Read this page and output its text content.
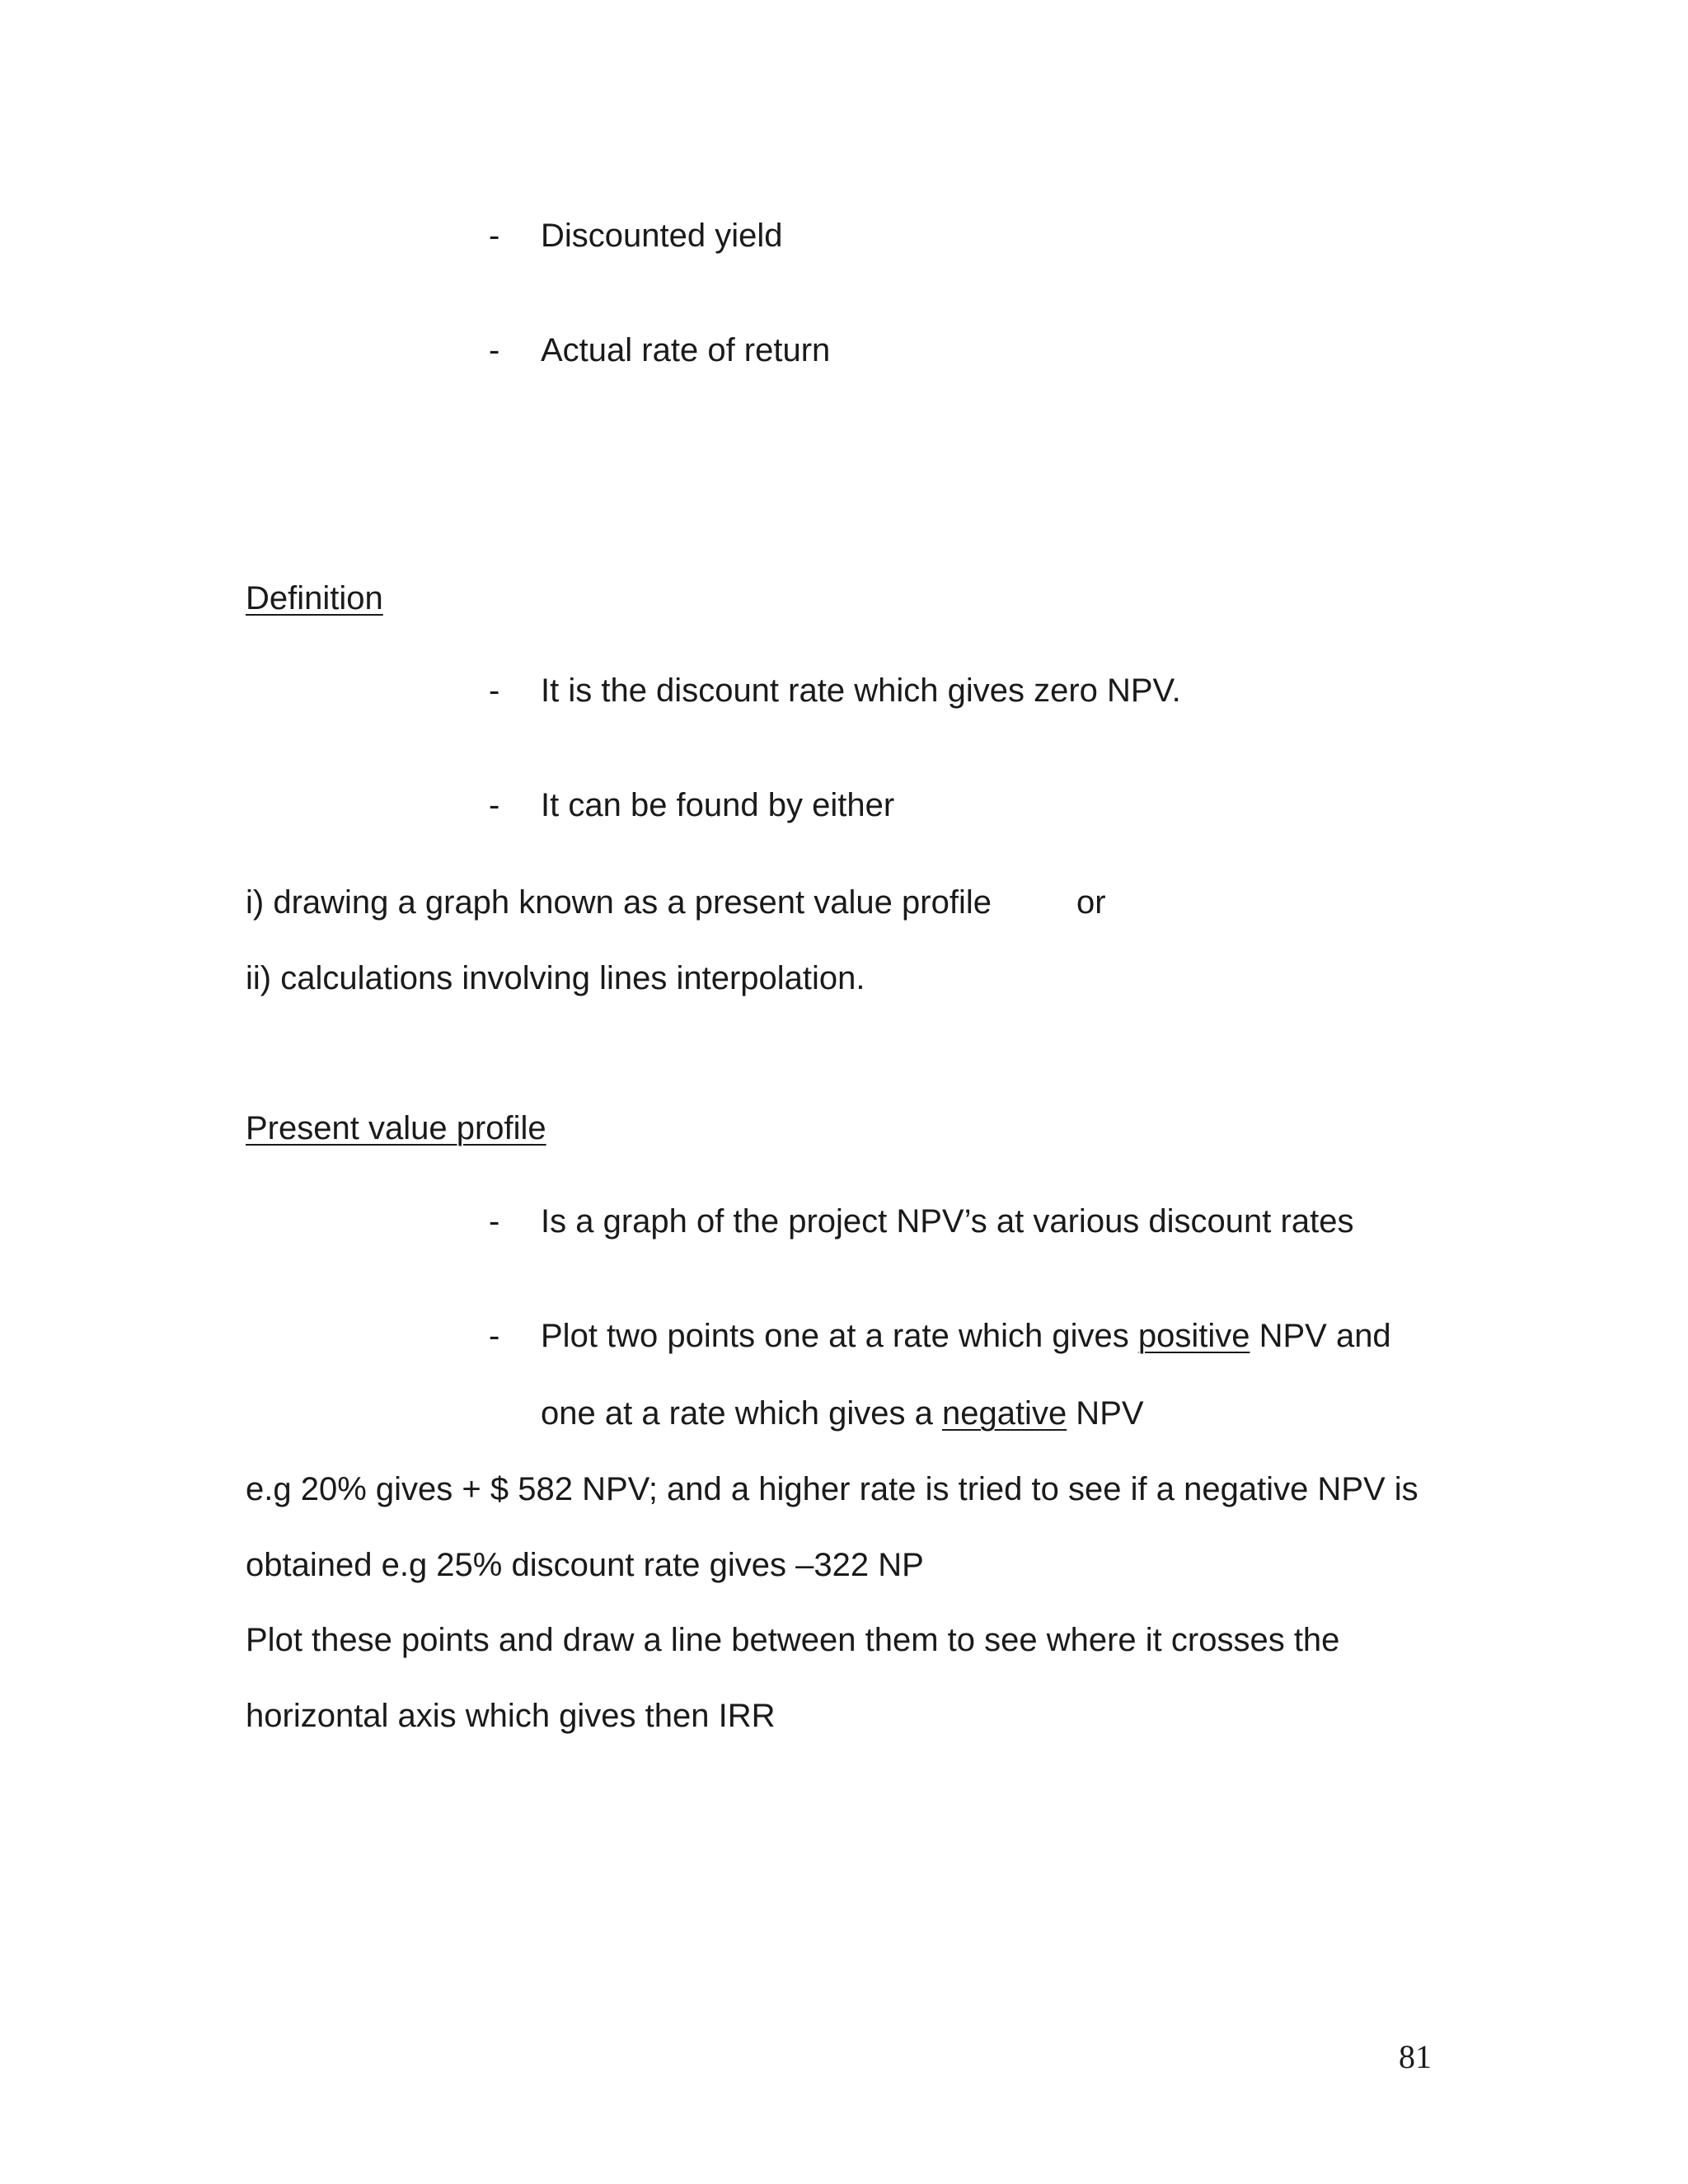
- Discounted yield
- Actual rate of return
Definition
- It is the discount rate which gives zero NPV.
- It can be found by either
i) drawing a graph known as a present value profile	or
ii) calculations involving lines interpolation.
Present value profile
- Is a graph of the project NPV’s at various discount rates
- Plot two points one at a rate which gives positive NPV and
one at a rate which gives a negative NPV
e.g 20% gives + $ 582 NPV; and a higher rate is tried to see if a negative NPV is
obtained e.g 25% discount rate gives –322 NP
Plot these points and draw a line between them to see where it crosses the
horizontal axis which gives then IRR
81
